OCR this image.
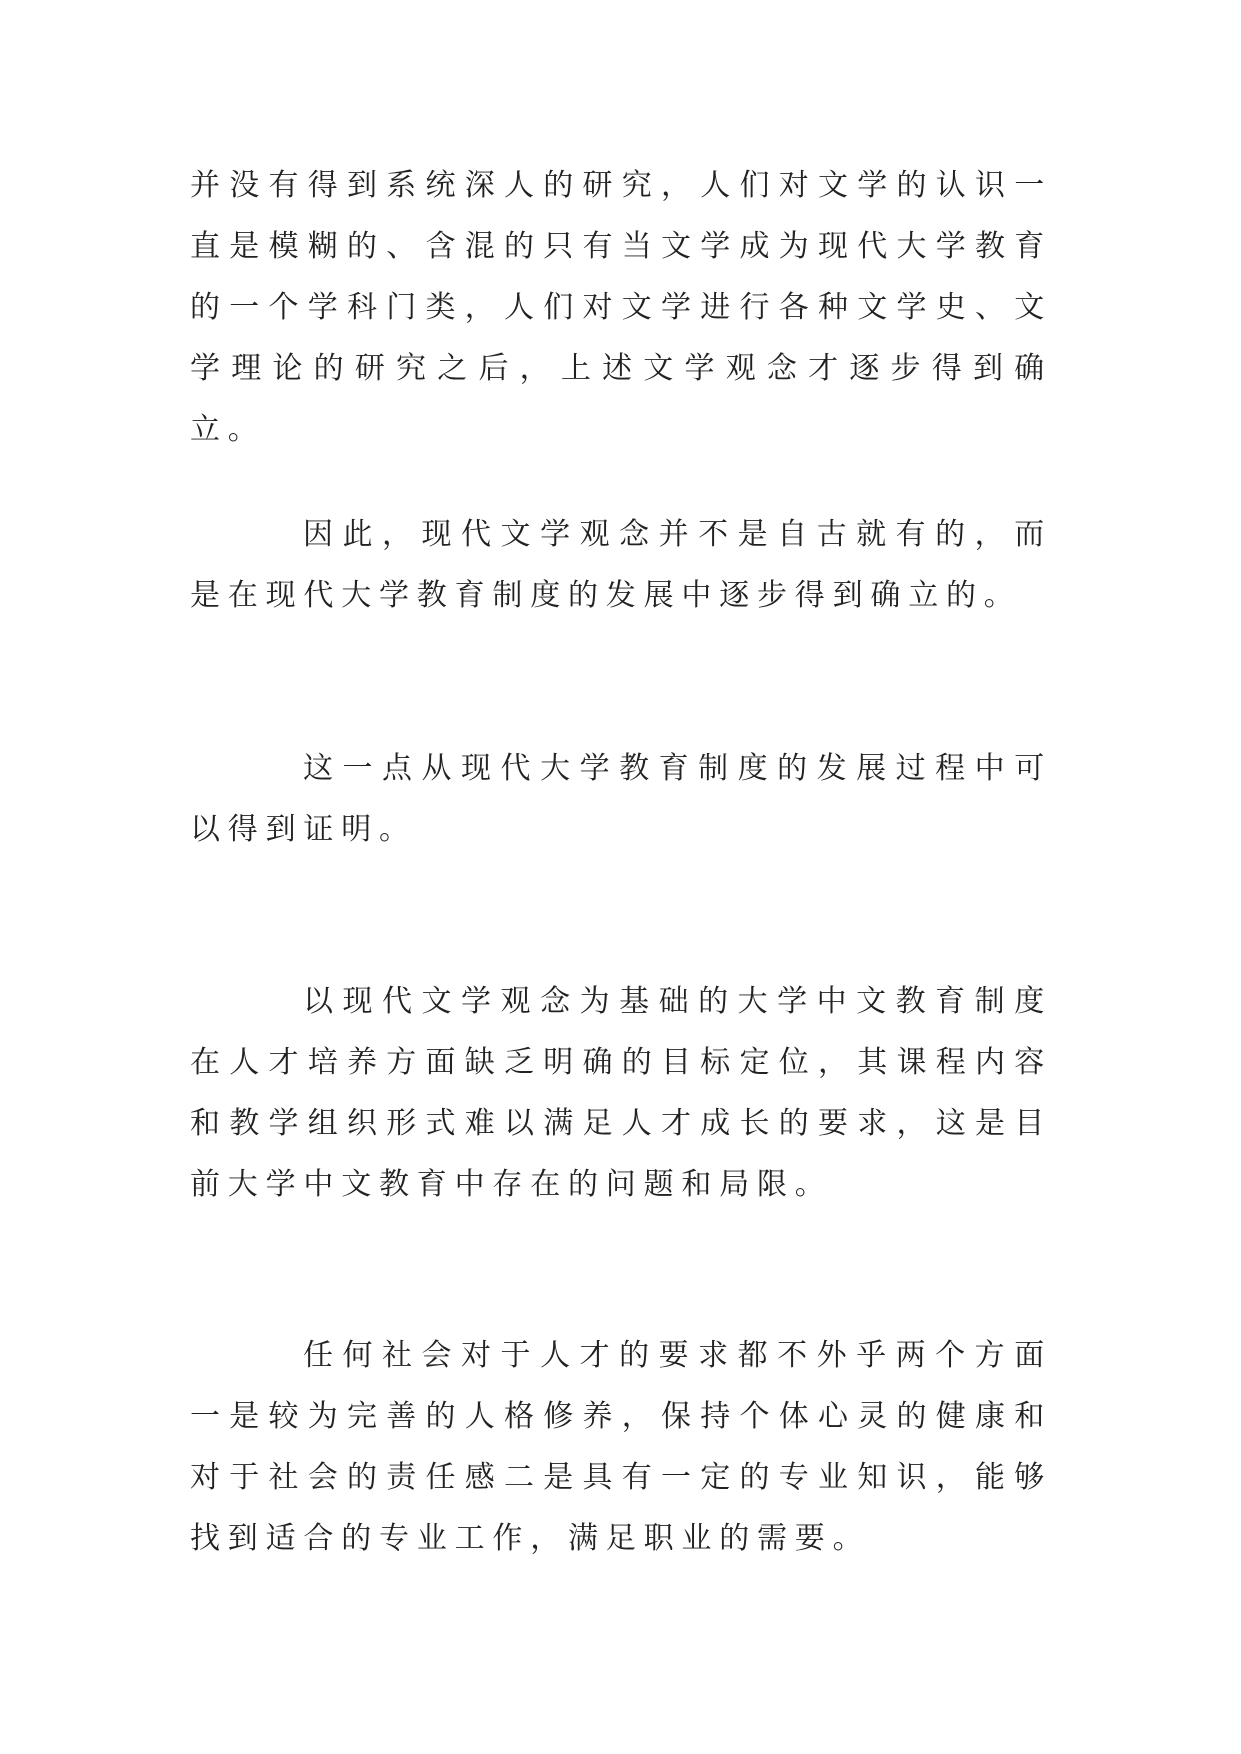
并没有得到系统深人的研究，人们对文学的认识一直是模糊的、含混的只有当文学成为现代大学教育的一个学科门类，人们对文学进行各种文学史、文学理论的研究之后，上述文学观念才逐步得到确立。

因此，现代文学观念并不是自古就有的，而是在现代大学教育制度的发展中逐步得到确立的。

这一点从现代大学教育制度的发展过程中可以得到证明。

以现代文学观念为基础的大学中文教育制度在人才培养方面缺乏明确的目标定位，其课程内容和教学组织形式难以满足人才成长的要求，这是目前大学中文教育中存在的问题和局限。

任何社会对于人才的要求都不外乎两个方面一是较为完善的人格修养，保持个体心灵的健康和对于社会的责任感二是具有一定的专业知识，能够找到适合的专业工作，满足职业的需要。
